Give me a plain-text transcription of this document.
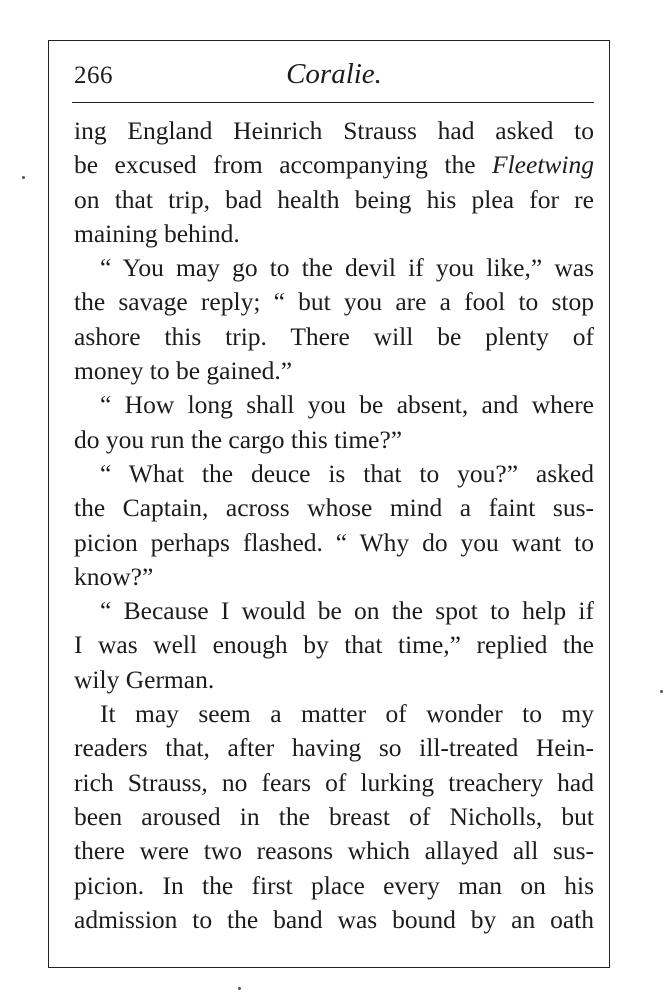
266	Coralie.
ing England Heinrich Strauss had asked to
be excused from accompanying the Fleetwing
on that trip, bad health being his plea for re
maining behind.
“ You may go to the devil if you like,” was
the savage reply; “ but you are a fool to stop
ashore this trip. There will be plenty of
money to be gained.”
“ How long shall you be absent, and where
do you run the cargo this time?”
“ What the deuce is that to you?” asked
the Captain, across whose mind a faint sus-
picion perhaps flashed. “ Why do you want to
know?”
“ Because I would be on the spot to help if
I was well enough by that time,” replied the
wily German.
It may seem a matter of wonder to my
readers that, after having so ill-treated Hein-
rich Strauss, no fears of lurking treachery had
been aroused in the breast of Nicholls, but
there were two reasons which allayed all sus-
picion. In the first place every man on his
admission to the band was bound by an oath
